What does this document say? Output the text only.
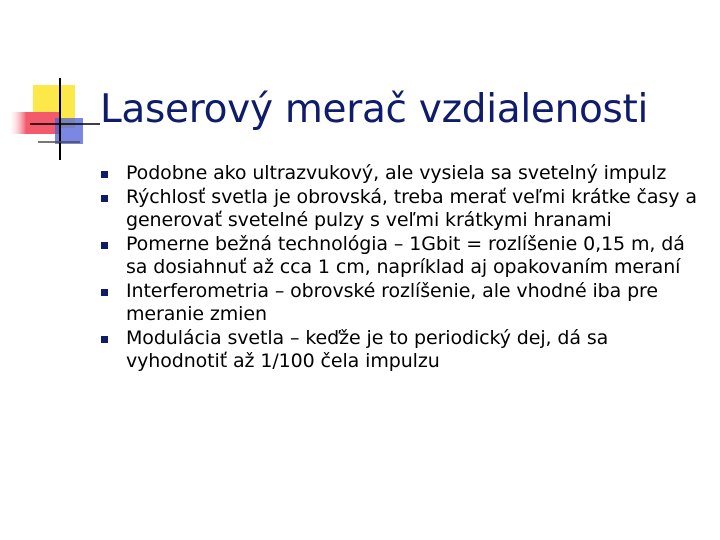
Laserový merač vzdialenosti
Podobne ako ultrazvukový, ale vysiela sa svetelný impulz
Rýchlosť svetla je obrovská, treba merať veľmi krátke časy a generovať svetelné pulzy s veľmi krátkymi hranami
Pomerne bežná technológia – 1Gbit = rozlíšenie 0,15 m, dá sa dosiahnuť až cca 1 cm, napríklad aj opakovaním meraní
Interferometria – obrovské rozlíšenie, ale vhodné iba pre meranie zmien
Modulácia svetla – keďže je to periodický dej, dá sa vyhodnotiť až 1/100 čela impulzu
